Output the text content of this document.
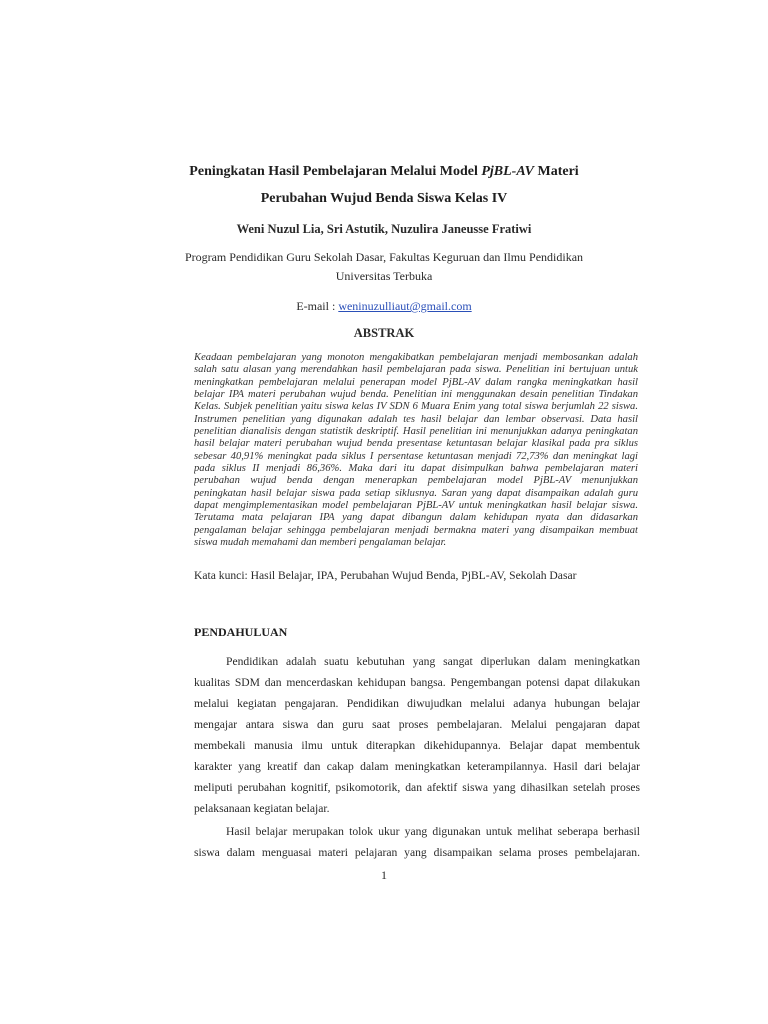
Peningkatan Hasil Pembelajaran Melalui Model PjBL-AV Materi
Perubahan Wujud Benda Siswa Kelas IV
Weni Nuzul Lia, Sri Astutik, Nuzulira Janeusse Fratiwi
Program Pendidikan Guru Sekolah Dasar, Fakultas Keguruan dan Ilmu Pendidikan
Universitas Terbuka
E-mail : weninuzulliaut@gmail.com
ABSTRAK
Keadaan pembelajaran yang monoton mengakibatkan pembelajaran menjadi membosankan adalah
salah satu alasan yang merendahkan hasil pembelajaran pada siswa. Penelitian ini bertujuan untuk
meningkatkan pembelajaran melalui penerapan model PjBL-AV dalam rangka meningkatkan hasil
belajar IPA materi perubahan wujud benda. Penelitian ini menggunakan desain penelitian Tindakan
Kelas. Subjek penelitian yaitu siswa kelas IV SDN 6 Muara Enim yang total siswa berjumlah 22 siswa.
Instrumen penelitian yang digunakan adalah tes hasil belajar dan lembar observasi. Data hasil
penelitian dianalisis dengan statistik deskriptif. Hasil penelitian ini menunjukkan adanya peningkatan
hasil belajar materi perubahan wujud benda presentase ketuntasan belajar klasikal pada pra siklus
sebesar 40,91% meningkat pada siklus I persentase ketuntasan menjadi 72,73% dan meningkat lagi
pada siklus II menjadi 86,36%. Maka dari itu dapat disimpulkan bahwa pembelajaran materi
perubahan wujud benda dengan menerapkan pembelajaran model PjBL-AV menunjukkan
peningkatan hasil belajar siswa pada setiap siklusnya. Saran yang dapat disampaikan adalah guru
dapat mengimplementasikan model pembelajaran PjBL-AV untuk meningkatkan hasil belajar siswa.
Terutama mata pelajaran IPA yang dapat dibangun dalam kehidupan nyata dan didasarkan
pengalaman belajar sehingga pembelajaran menjadi bermakna materi yang disampaikan membuat
siswa mudah memahami dan memberi pengalaman belajar.
Kata kunci: Hasil Belajar, IPA, Perubahan Wujud Benda, PjBL-AV, Sekolah Dasar
PENDAHULUAN
Pendidikan adalah suatu kebutuhan yang sangat diperlukan dalam meningkatkan
kualitas SDM dan mencerdaskan kehidupan bangsa. Pengembangan potensi dapat dilakukan
melalui kegiatan pengajaran. Pendidikan diwujudkan melalui adanya hubungan belajar
mengajar antara siswa dan guru saat proses pembelajaran. Melalui pengajaran dapat
membekali manusia ilmu untuk diterapkan dikehidupannya. Belajar dapat membentuk
karakter yang kreatif dan cakap dalam meningkatkan keterampilannya. Hasil dari belajar
meliputi perubahan kognitif, psikomotorik, dan afektif siswa yang dihasilkan setelah proses
pelaksanaan kegiatan belajar.
Hasil belajar merupakan tolok ukur yang digunakan untuk melihat seberapa berhasil
siswa dalam menguasai materi pelajaran yang disampaikan selama proses pembelajaran.
1
